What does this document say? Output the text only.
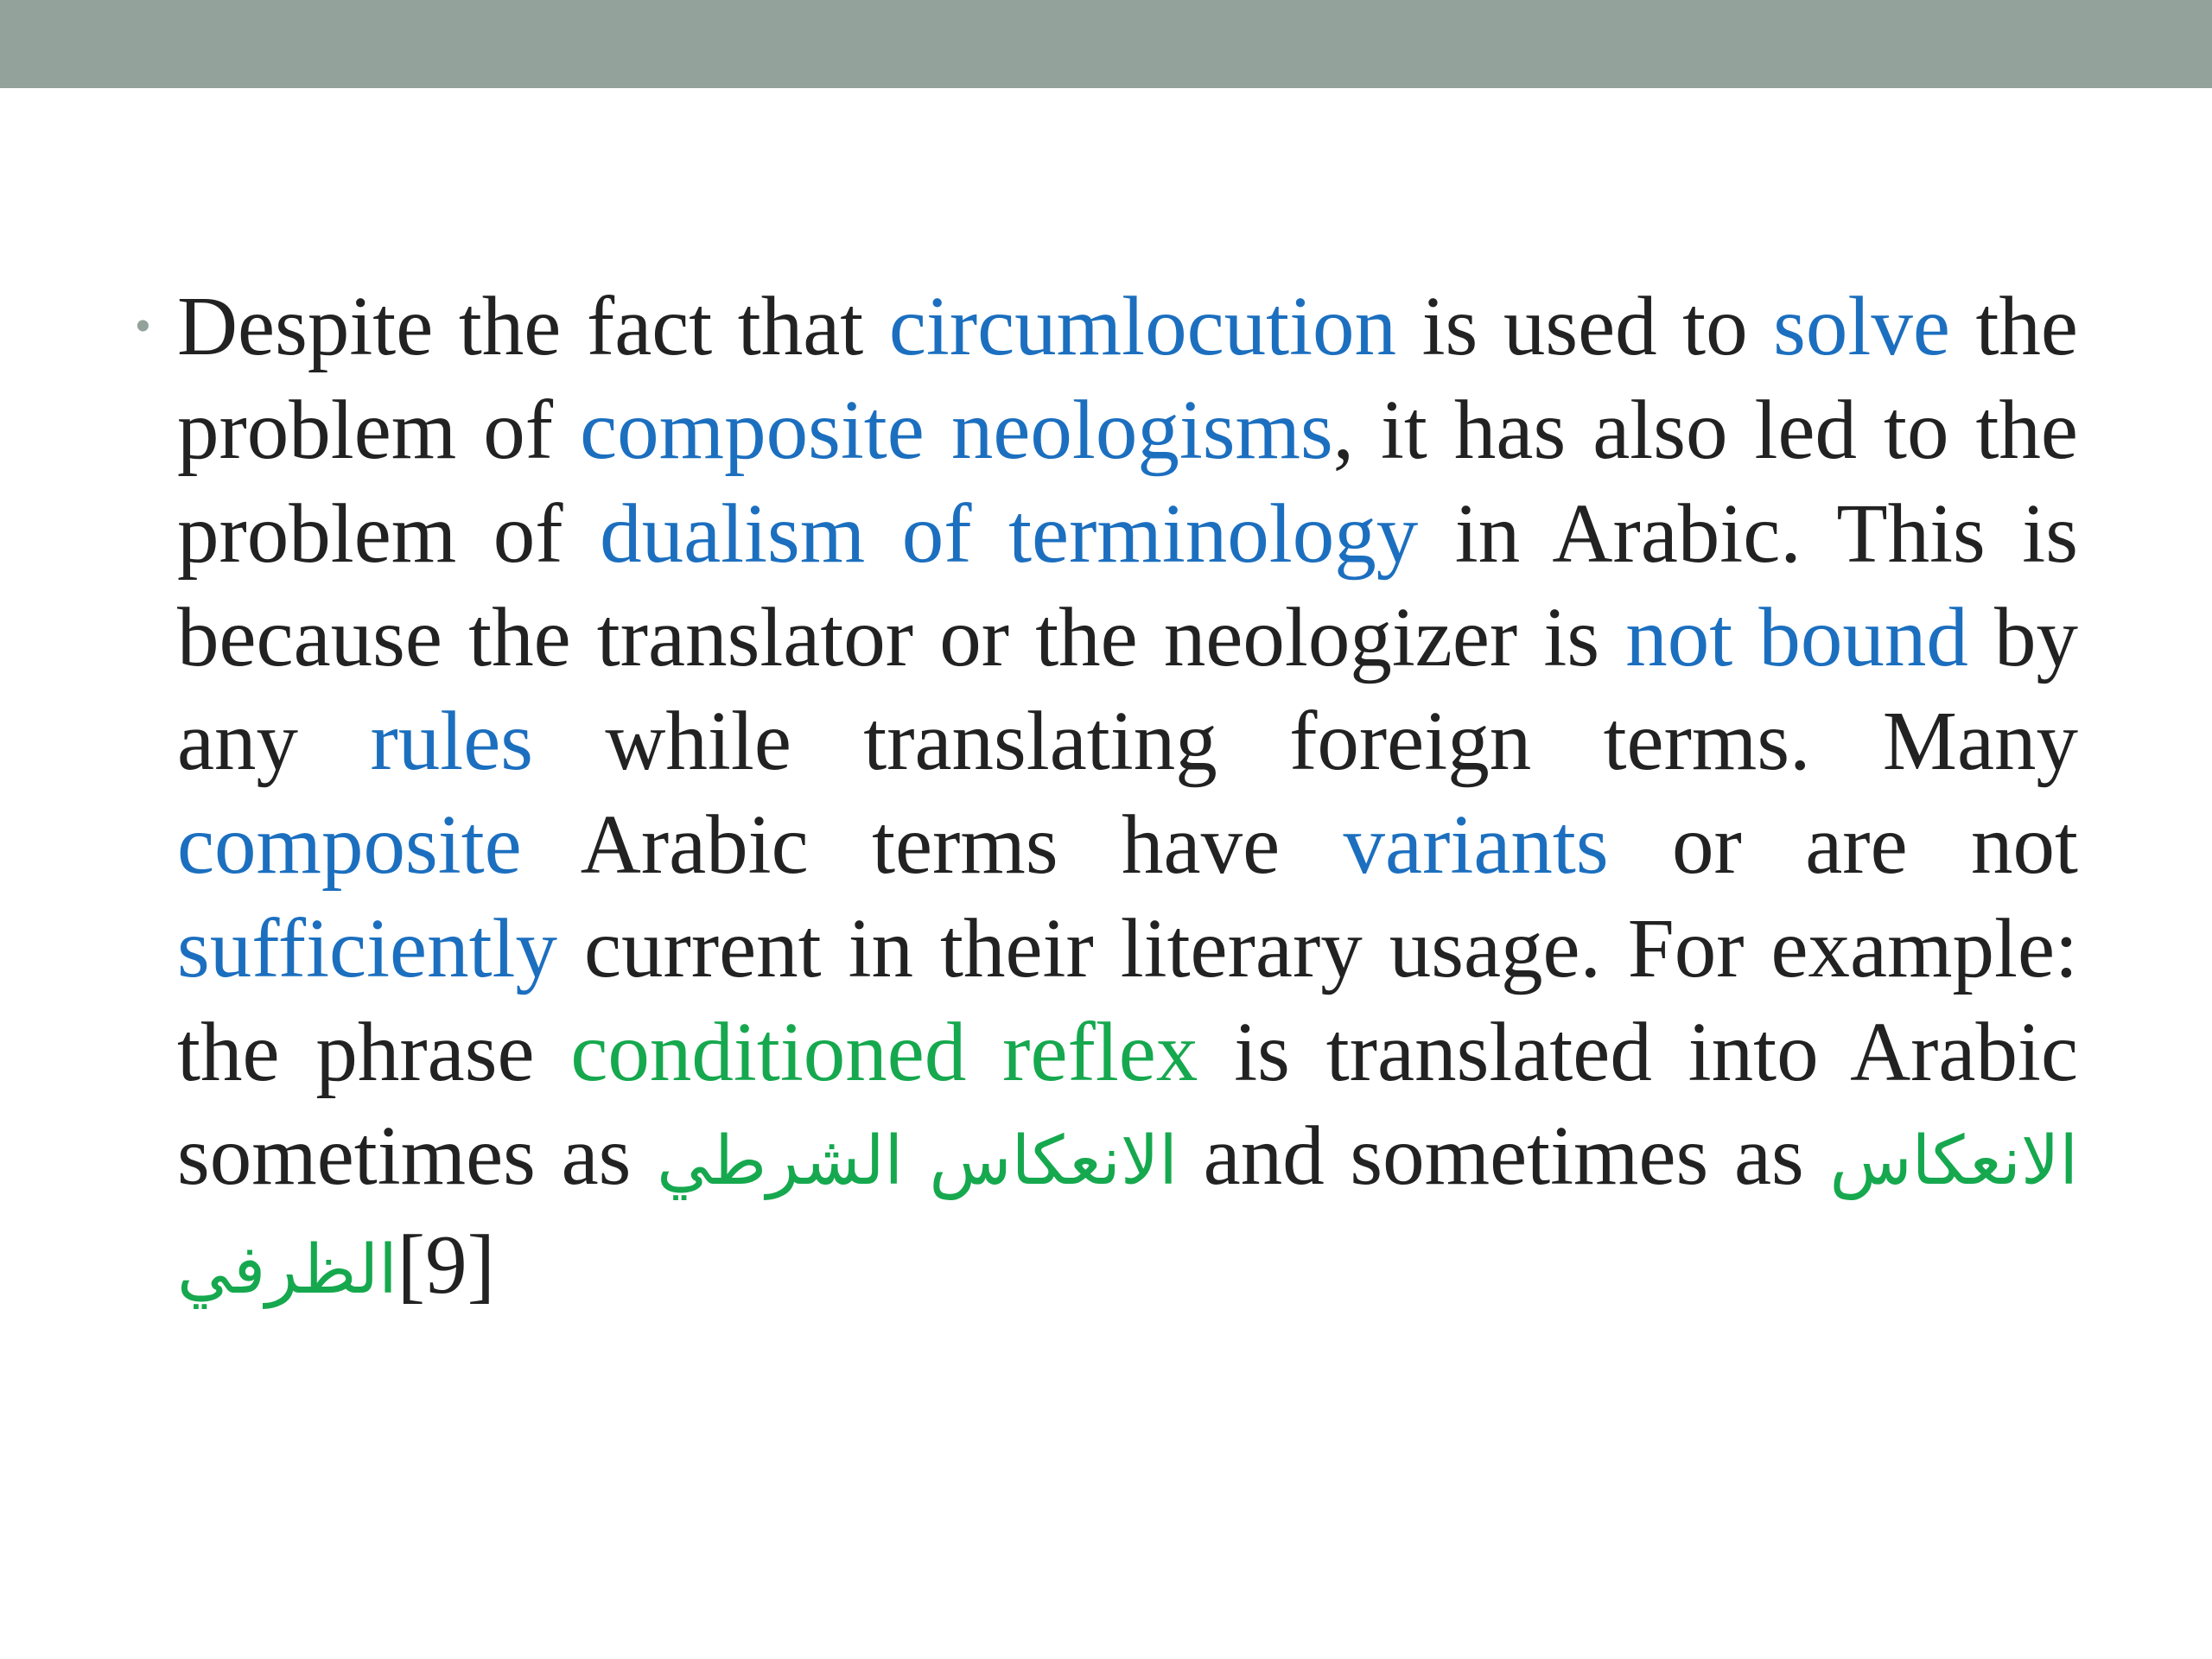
• Despite the fact that circumlocution is used to solve the problem of composite neologisms, it has also led to the problem of dualism of terminology in Arabic. This is because the translator or the neologizer is not bound by any rules while translating foreign terms. Many composite Arabic terms have variants or are not sufficiently current in their literary usage. For example: the phrase conditioned reflex is translated into Arabic sometimes as الانعكاس الشرطي and sometimes as الانعكاس الظرفي[9]
